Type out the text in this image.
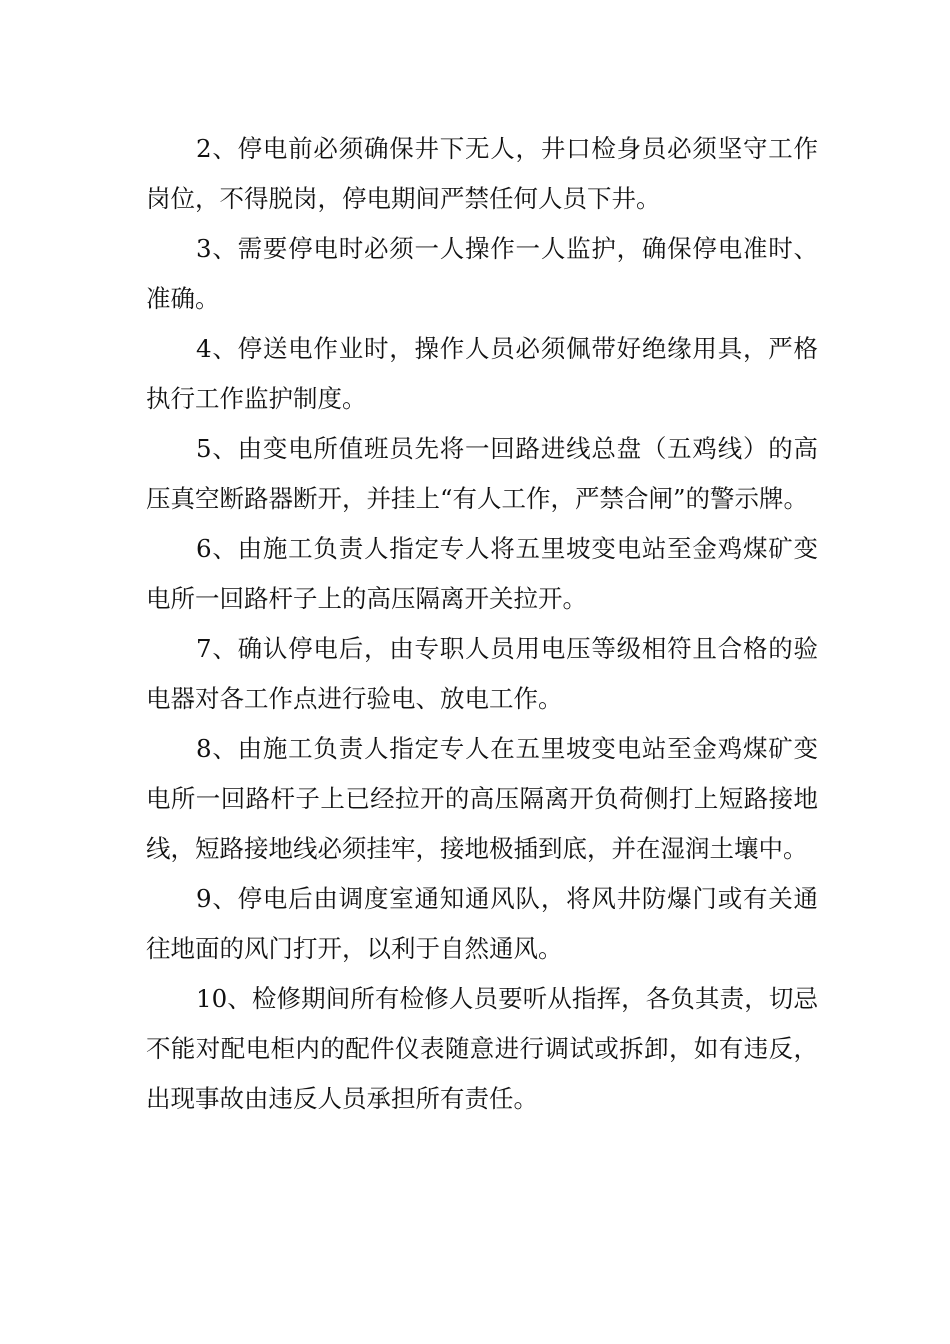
2、停电前必须确保井下无人，井口检身员必须坚守工作岗位，不得脱岗，停电期间严禁任何人员下井。

3、需要停电时必须一人操作一人监护，确保停电准时、准确。

4、停送电作业时，操作人员必须佩带好绝缘用具，严格执行工作监护制度。

5、由变电所值班员先将一回路进线总盘（五鸡线）的高压真空断路器断开，并挂上“有人工作，严禁合闸”的警示牌。

6、由施工负责人指定专人将五里坡变电站至金鸡煤矿变电所一回路杆子上的高压隔离开关拉开。

7、确认停电后，由专职人员用电压等级相符且合格的验电器对各工作点进行验电、放电工作。

8、由施工负责人指定专人在五里坡变电站至金鸡煤矿变电所一回路杆子上已经拉开的高压隔离开负荷侧打上短路接地线，短路接地线必须挂牢，接地极插到底，并在湿润土壤中。

9、停电后由调度室通知通风队，将风井防爆门或有关通往地面的风门打开，以利于自然通风。

10、检修期间所有检修人员要听从指挥，各负其责，切忌不能对配电柜内的配件仪表随意进行调试或拆卸，如有违反，出现事故由违反人员承担所有责任。
